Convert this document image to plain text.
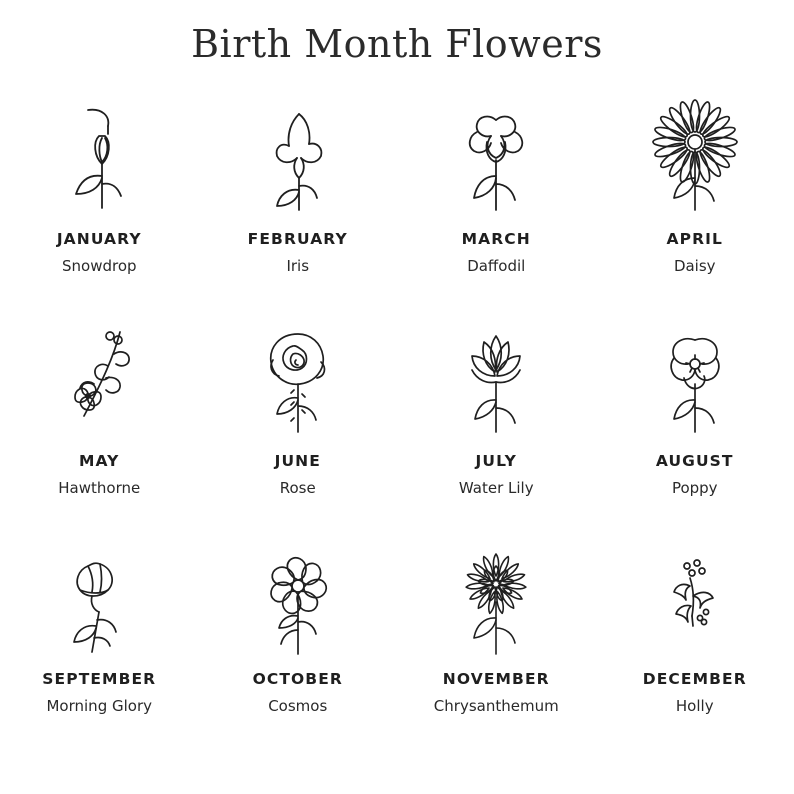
Birth Month Flowers
JANUARY
Snowdrop
FEBRUARY
Iris
MARCH
Daffodil
APRIL
Daisy
MAY
Hawthorne
JUNE
Rose
JULY
Water Lily
AUGUST
Poppy
SEPTEMBER
Morning Glory
OCTOBER
Cosmos
NOVEMBER
Chrysanthemum
DECEMBER
Holly
